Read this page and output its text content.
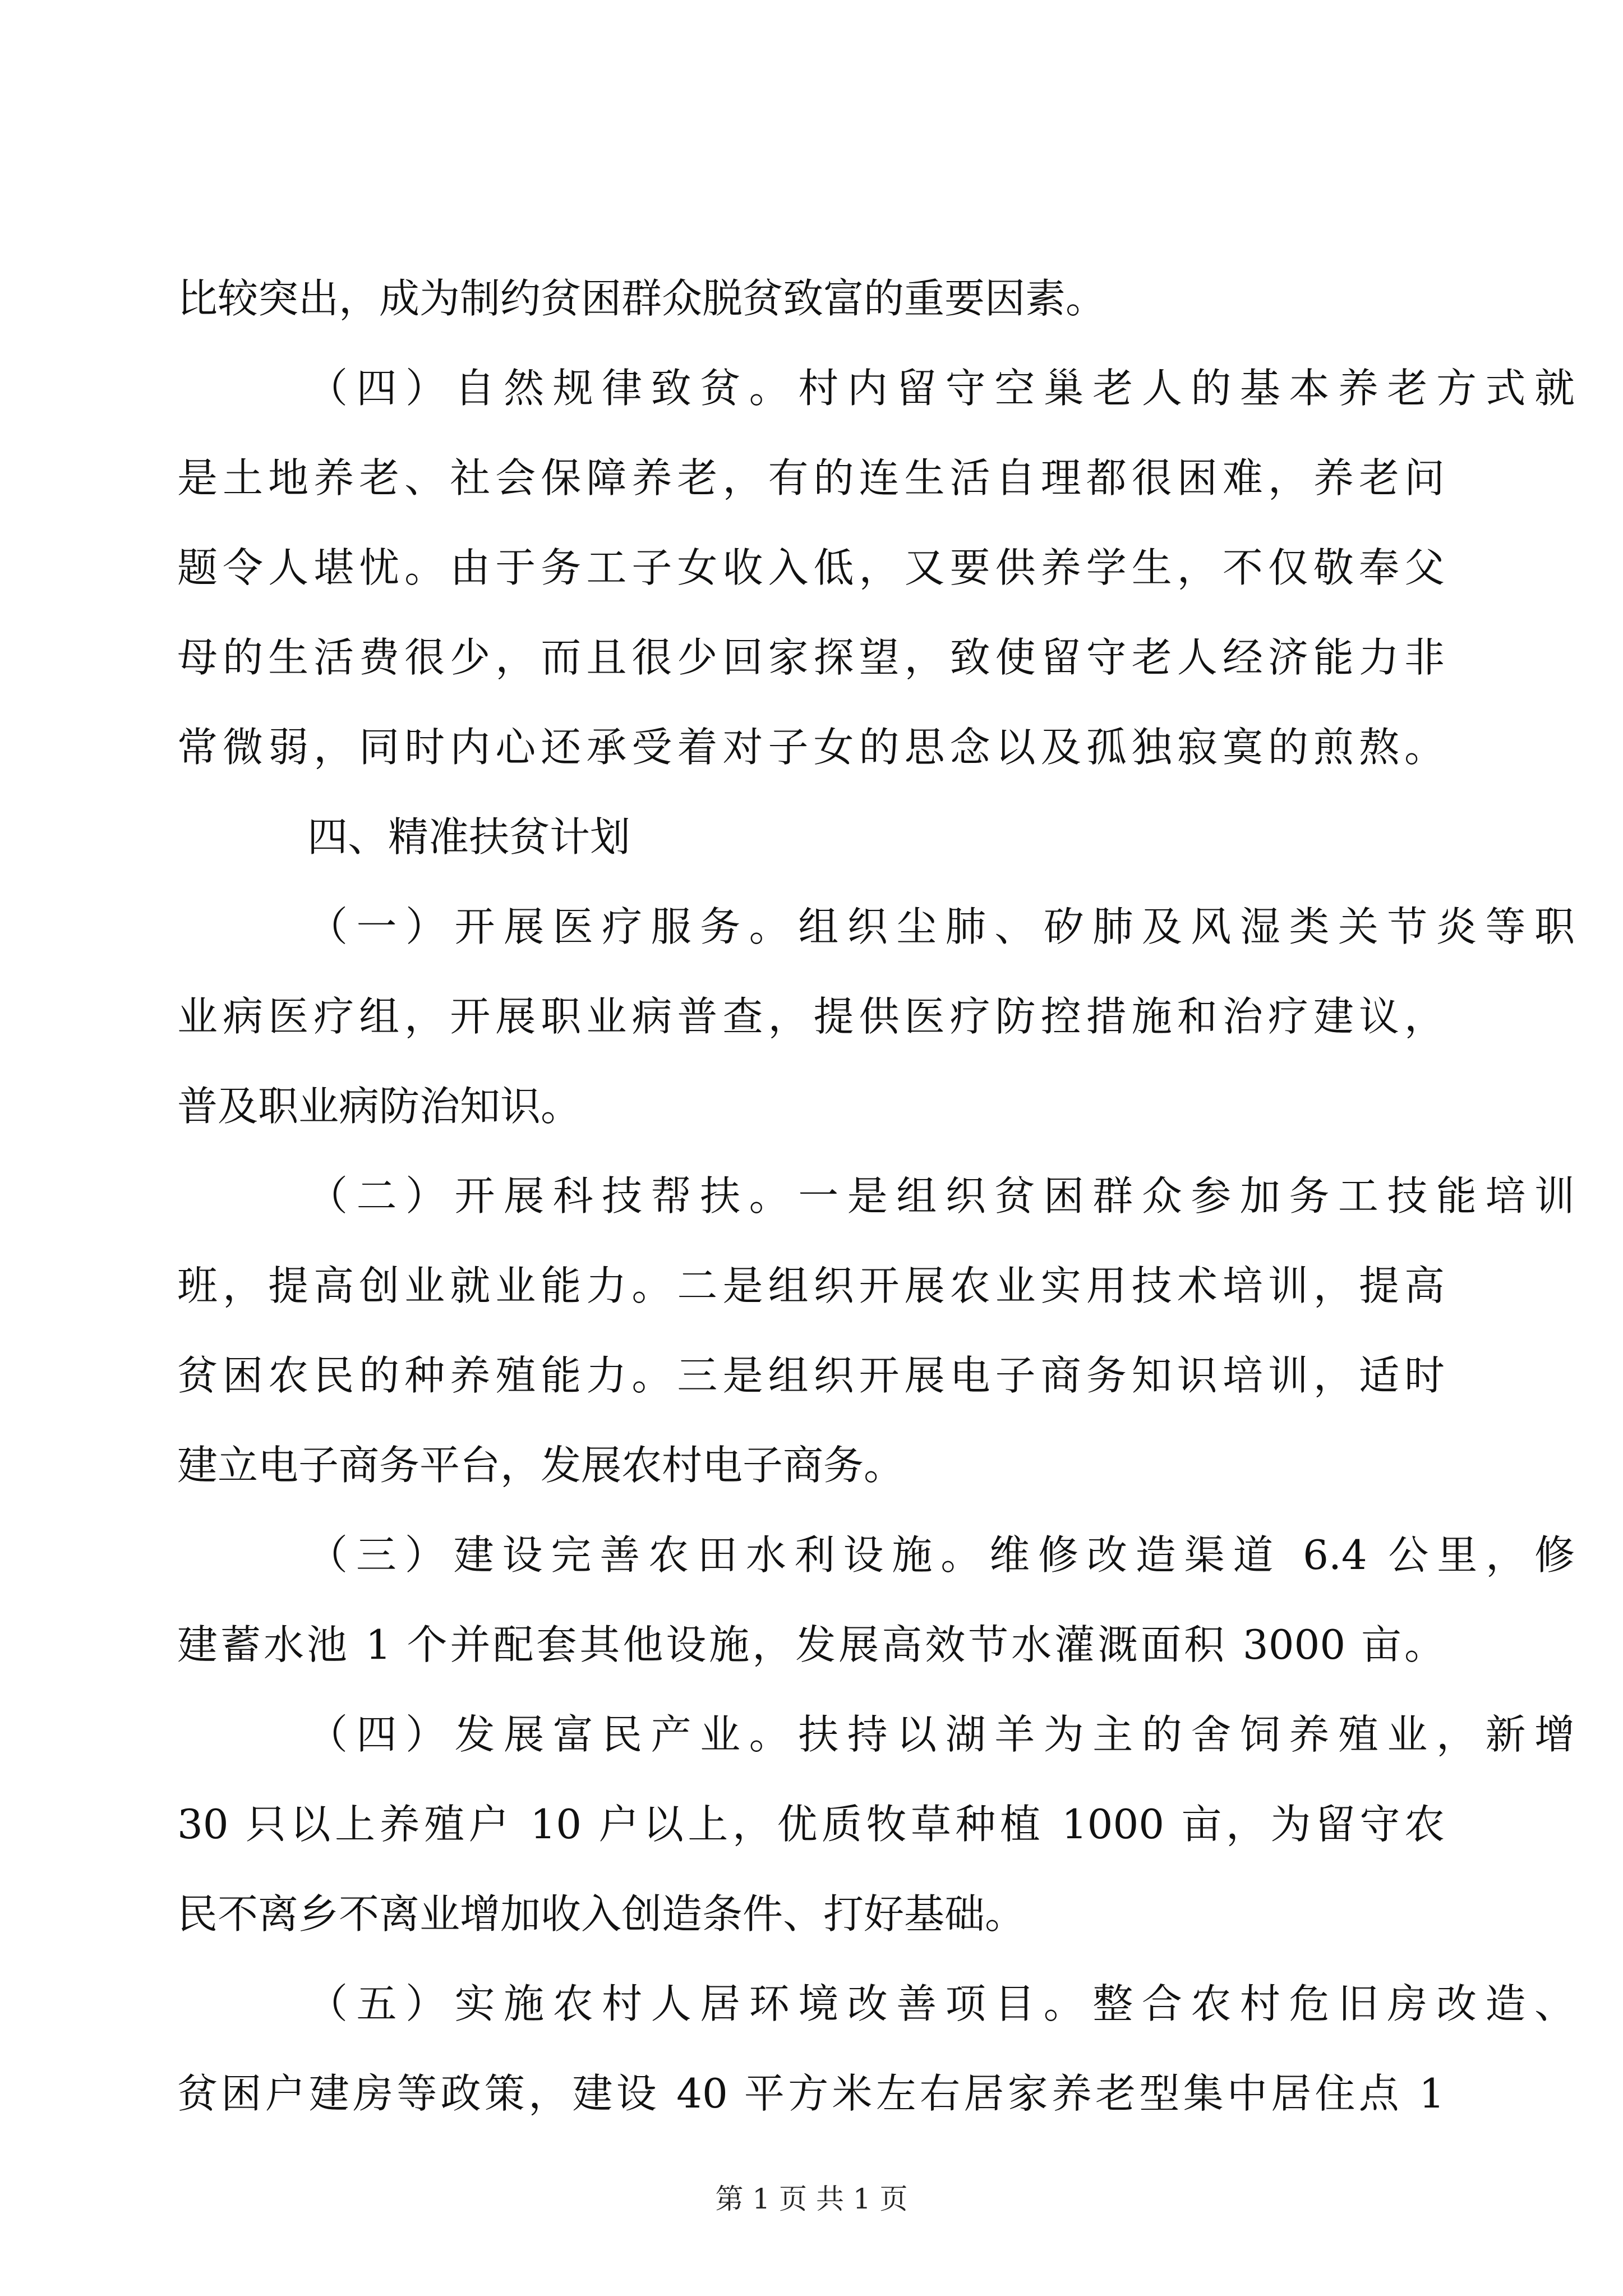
比较突出，成为制约贫困群众脱贫致富的重要因素。
（四）自然规律致贫。村内留守空巢老人的基本养老方式就
是土地养老、社会保障养老，有的连生活自理都很困难，养老问
题令人堪忧。由于务工子女收入低，又要供养学生，不仅敬奉父
母的生活费很少，而且很少回家探望，致使留守老人经济能力非
常微弱，同时内心还承受着对子女的思念以及孤独寂寞的煎熬。
四、精准扶贫计划
（一）开展医疗服务。组织尘肺、矽肺及风湿类关节炎等职
业病医疗组，开展职业病普查，提供医疗防控措施和治疗建议，
普及职业病防治知识。
（二）开展科技帮扶。一是组织贫困群众参加务工技能培训
班，提高创业就业能力。二是组织开展农业实用技术培训，提高
贫困农民的种养殖能力。三是组织开展电子商务知识培训，适时
建立电子商务平台，发展农村电子商务。
（三）建设完善农田水利设施。维修改造渠道 6.4 公里，修
建蓄水池 1 个并配套其他设施，发展高效节水灌溉面积 3000 亩。
（四）发展富民产业。扶持以湖羊为主的舍饲养殖业，新增
30 只以上养殖户 10 户以上，优质牧草种植 1000 亩，为留守农
民不离乡不离业增加收入创造条件、打好基础。
（五）实施农村人居环境改善项目。整合农村危旧房改造、
贫困户建房等政策，建设 40 平方米左右居家养老型集中居住点 1
第 1 页 共 1 页
